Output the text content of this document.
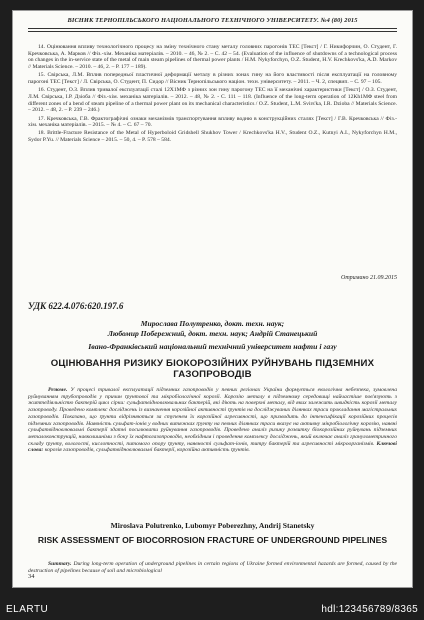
ВІСНИК ТЕРНОПІЛЬСЬКОГО НАЦІОНАЛЬНОГО ТЕХНІЧНОГО УНІВЕРСИТЕТУ. №4 (80) 2015

14. Оцінювання впливу технологічного процесу на зміну технічного стану металу головних парогонів ТЕС [Текст] / Г. Никифорчин, О. Студент, Г. Кречковська, А. Марков // Фіз.-хім. Механіка матеріалів. – 2010. – 46, № 2. – С. 42 – 54. (Evaluation of the influence of shutdowns of a technological process on changes in the in-service state of the metal of main steam pipelines of thermal power plants / H.M. Nykyforchyn, O.Z. Student, H.V. Krechkovs'ka, A.D. Markov // Materials Science. – 2010. – 46, 2. – P. 177 – 189).

15. Свірська, Л.М. Вплив попередньої пластичної деформації металу в різних зонах гину на його властивості після експлуатації на головному парогоні ТЕС [Текст] / Л. Свірська, О. Студент, П. Сидор // Вісник Тернопільського націон. техн. університету. – 2011. – Ч. 2, спецвип. – С. 97 – 105.

16. Студент, О.З. Вплив тривалої експлуатації сталі 12Х1МФ з різних зон гину парогону ТЕС на її механічні характеристики [Текст] / О.З. Студент, Л.М. Свірська, І.Р. Дзіоба // Фіз.-хім. механіка матеріалів. – 2012. – 48, № 2. - С. 111 – 118. (Influence of the long-term operation of 12Kh1MΦ steel from different zones of a bend of steam pipeline of a thermal power plant on its mechanical characteristics / O.Z. Student, L.M. Svirs'ka, I.R. Dzioba // Materials Science. – 2012. – 48, 2. – P. 239 – 246.)

17. Кречковська, Г.В. Фрактографічні ознаки механізмів транспортування впливу водню в конструкційних сталях [Текст] / Г.В. Кречковська // Фіз.-хім. механіка матеріалів. – 2015. – № 4. – С. 67 – 70.

18. Brittle-Fracture Resistance of the Metal of Hyperboloid Gridshell Shukhov Tower / Krechkovs'ka H.V., Student O.Z., Kutnyi A.I., Nykyforchyn H.M., Sydor P.Yu. // Materials Science – 2015. – 50, 4. – P. 578 – 584.

Отримано 21.09.2015
УДК 622.4.076:620.197.6
Мирослава Полутренко, докт. техн. наук;
Любомир Побережний, докт. техн. наук; Андрій Станецький
Івано-Франківський національний технічний університет нафти і газу
ОЦІНЮВАННЯ РИЗИКУ БІОКОРОЗІЙНИХ РУЙНУВАНЬ ПІДЗЕМНИХ ГАЗОПРОВОДІВ
Резюме. У процесі тривалої експлуатації підземних газопроводів у певних регіонах України формується екологічна небезпека, зумовлена руйнуванням трубопроводів у причин ґрунтової та мікробіологічної корозії. Корозію металу в підземному середовищі найчастіше пов'язують з життєдіяльністю бактерій цикл сірки: сульфатвідновлювальних бактерій, які діють на поверхні металу, від яких залежить швидкість корозії металу газопроводу. Проведено комплекс досліджень із визначення корозійної активності ґрунтів на досліджуваних ділянках траси прокладання магістральних газопроводів. Показано, що ґрунти відрізняються за ступенем їх корозійної агресивності, що призводить до інтенсифікації корозійних процесів підземних газопроводів. Наявність сульфат-іонів у водних витяжках ґрунту на певних ділянках траси вказує на активну мікробіологічну корозію, наявні сульфатвідновлювальні бактерії здатні посилювати руйнування газопроводів. Проведено аналіз ризику розвитку біокорозійних руйнувань підземних металоконструкцій, навколишніми з боку їх нафтогазопроводів, необхідним і проведення комплексу досліджень, який включає аналіз гранулометричного складу ґрунту, вологості, кислотності, питомого опору ґрунту, наявності сульфат-іонів, титру бактерій та агресивності мікроорганізмів. Ключові слова: корозія газопроводів, сульфатвідновлювальні бактерії, корозійна активність ґрунтів.
Miroslava Polutrenko, Lubomyr Poberezhny, Andrij Stanetsky
RISK ASSESSMENT OF BIOCORROSION FRACTURE OF UNDERGROUND PIPELINES
Summary. During long-term operation of underground pipelines in certain regions of Ukraine formed environmental hazards are formed, caused by the destruction of pipelines because of soil and microbiological
34
ELARTU	hdl:123456789/8365
